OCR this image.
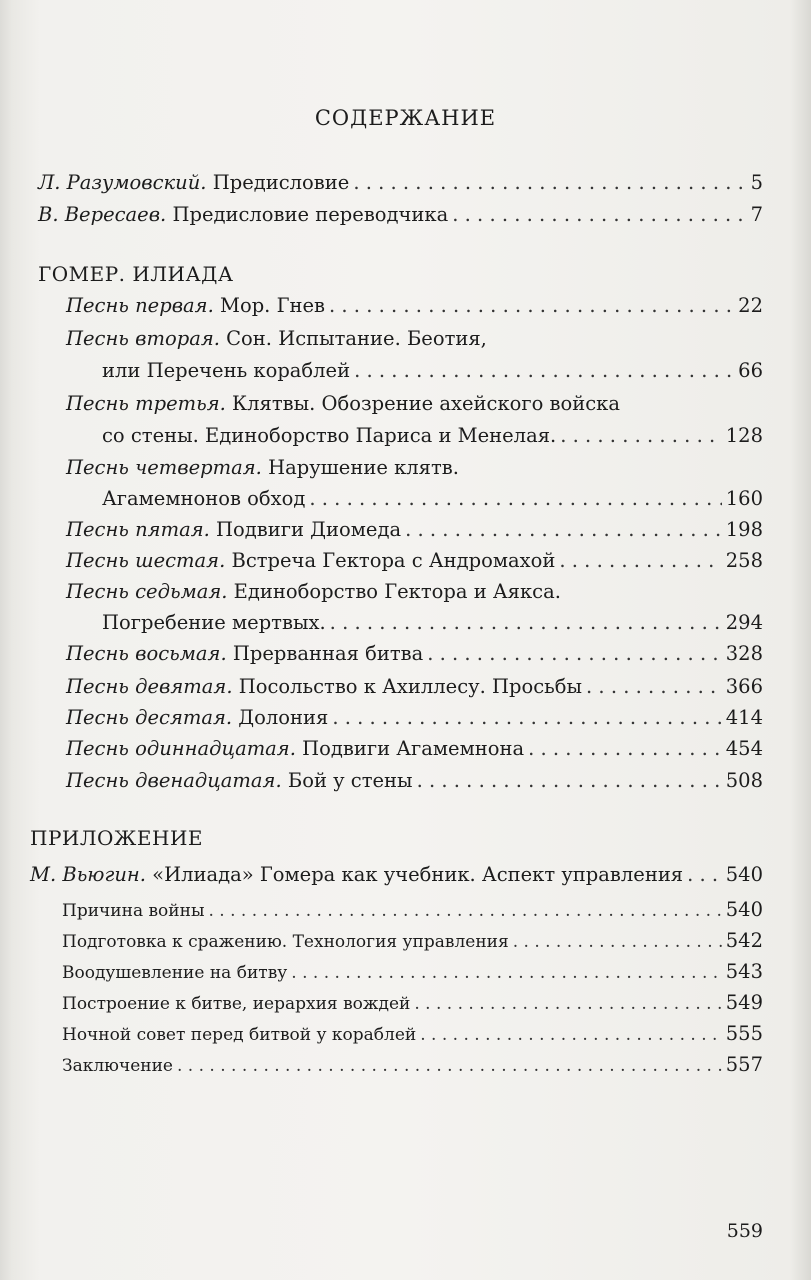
СОДЕРЖАНИЕ
Л. Разумовский. Предисловие . . .	5
В. Вересаев. Предисловие переводчика . . .	7
ГОМЕР. ИЛИАДА
Песнь первая. Мор. Гнев . . .	22
Песнь вторая. Сон. Испытание. Беотия,
или Перечень кораблей . . .	66
Песнь третья. Клятвы. Обозрение ахейского войска
со стены. Единоборство Париса и Менелая. . . .	128
Песнь четвертая. Нарушение клятв.
Агамемнонов обход . . .	160
Песнь пятая. Подвиги Диомеда . . .	198
Песнь шестая. Встреча Гектора с Андромахой . . .	258
Песнь седьмая. Единоборство Гектора и Аякса.
Погребение мертвых. . . .	294
Песнь восьмая. Прерванная битва . . .	328
Песнь девятая. Посольство к Ахиллесу. Просьбы . . .	366
Песнь десятая. Долония . . .	414
Песнь одиннадцатая. Подвиги Агамемнона . . .	454
Песнь двенадцатая. Бой у стены . . .	508
ПРИЛОЖЕНИЕ
М. Вьюгин. «Илиада» Гомера как учебник. Аспект управления . . . 540
Причина войны . . .	540
Подготовка к сражению. Технология управления . . .	542
Воодушевление на битву . . .	543
Построение к битве, иерархия вождей . . .	549
Ночной совет перед битвой у кораблей . . .	555
Заключение . . .	557
559
